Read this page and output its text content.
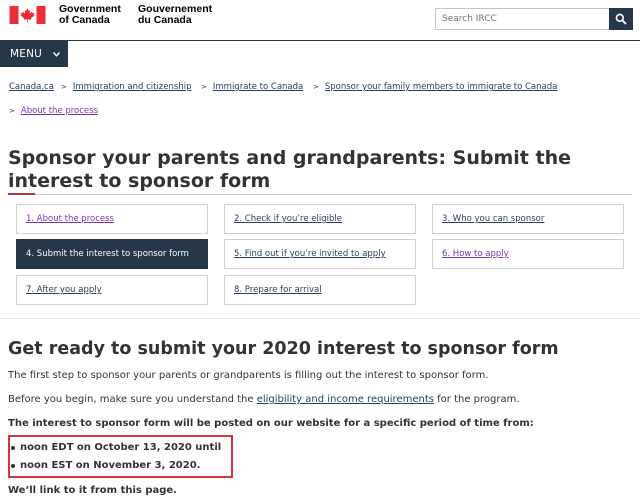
Government
of Canada
Gouvernement
du Canada
Search IRCC
MENU
Canada.ca > Immigration and citizenship > Immigrate to Canada > Sponsor your family members to immigrate to Canada
> About the process
Sponsor your parents and grandparents: Submit the interest to sponsor form
1. About the process	2. Check if you’re eligible	3. Who you can sponsor
4. Submit the interest to sponsor form	5. Find out if you’re invited to apply	6. How to apply
7. After you apply	8. Prepare for arrival
Get ready to submit your 2020 interest to sponsor form
The first step to sponsor your parents or grandparents is filling out the interest to sponsor form.
Before you begin, make sure you understand the eligibility and income requirements for the program.
The interest to sponsor form will be posted on our website for a specific period of time from:
noon EDT on October 13, 2020 until
noon EST on November 3, 2020.
We’ll link to it from this page.
